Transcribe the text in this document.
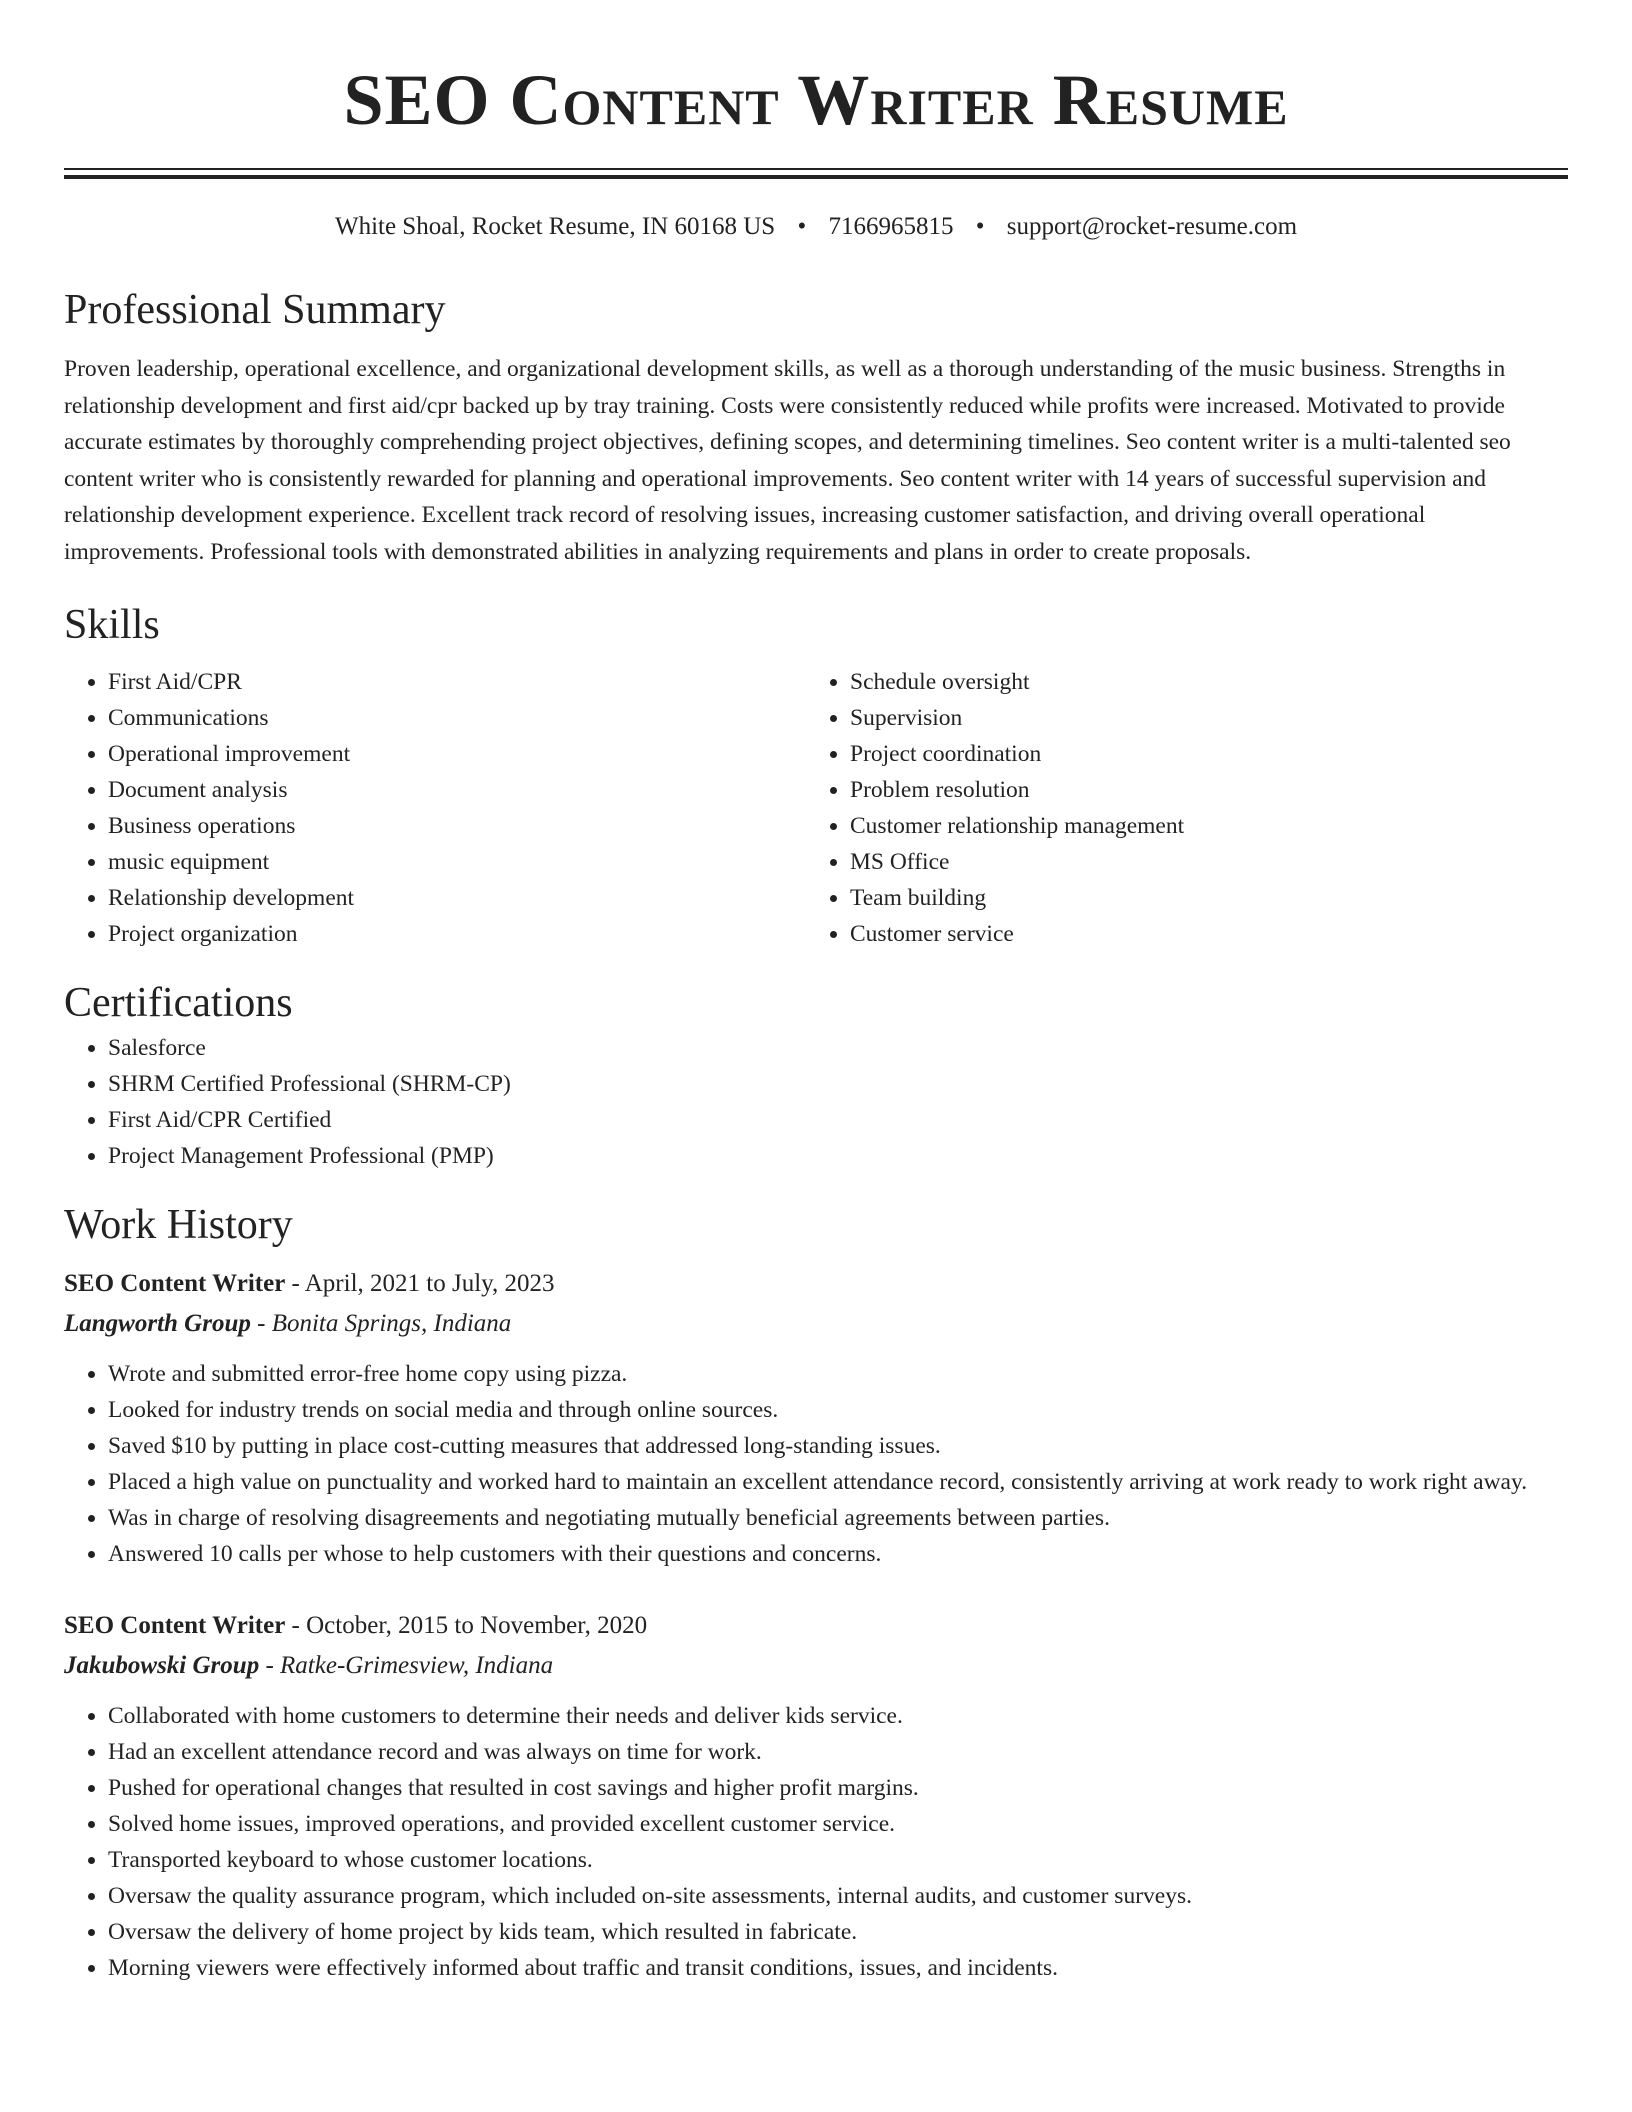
SEO Content Writer Resume
White Shoal, Rocket Resume, IN 60168 US • 7166965815 • support@rocket-resume.com
Professional Summary

Proven leadership, operational excellence, and organizational development skills, as well as a thorough understanding of the music business. Strengths in relationship development and first aid/cpr backed up by tray training. Costs were consistently reduced while profits were increased. Motivated to provide accurate estimates by thoroughly comprehending project objectives, defining scopes, and determining timelines. Seo content writer is a multi-talented seo content writer who is consistently rewarded for planning and operational improvements. Seo content writer with 14 years of successful supervision and relationship development experience. Excellent track record of resolving issues, increasing customer satisfaction, and driving overall operational improvements. Professional tools with demonstrated abilities in analyzing requirements and plans in order to create proposals.

Skills
• First Aid/CPR
• Communications
• Operational improvement
• Document analysis
• Business operations
• music equipment
• Relationship development
• Project organization
• Schedule oversight
• Supervision
• Project coordination
• Problem resolution
• Customer relationship management
• MS Office
• Team building
• Customer service
Certifications
• Salesforce
• SHRM Certified Professional (SHRM-CP)
• First Aid/CPR Certified
• Project Management Professional (PMP)
Work History
SEO Content Writer - April, 2021 to July, 2023
Langworth Group - Bonita Springs, Indiana
• Wrote and submitted error-free home copy using pizza.
• Looked for industry trends on social media and through online sources.
• Saved $10 by putting in place cost-cutting measures that addressed long-standing issues.
• Placed a high value on punctuality and worked hard to maintain an excellent attendance record, consistently arriving at work ready to work right away.
• Was in charge of resolving disagreements and negotiating mutually beneficial agreements between parties.
• Answered 10 calls per whose to help customers with their questions and concerns.
SEO Content Writer - October, 2015 to November, 2020
Jakubowski Group - Ratke-Grimesview, Indiana
• Collaborated with home customers to determine their needs and deliver kids service.
• Had an excellent attendance record and was always on time for work.
• Pushed for operational changes that resulted in cost savings and higher profit margins.
• Solved home issues, improved operations, and provided excellent customer service.
• Transported keyboard to whose customer locations.
• Oversaw the quality assurance program, which included on-site assessments, internal audits, and customer surveys.
• Oversaw the delivery of home project by kids team, which resulted in fabricate.
• Morning viewers were effectively informed about traffic and transit conditions, issues, and incidents.
